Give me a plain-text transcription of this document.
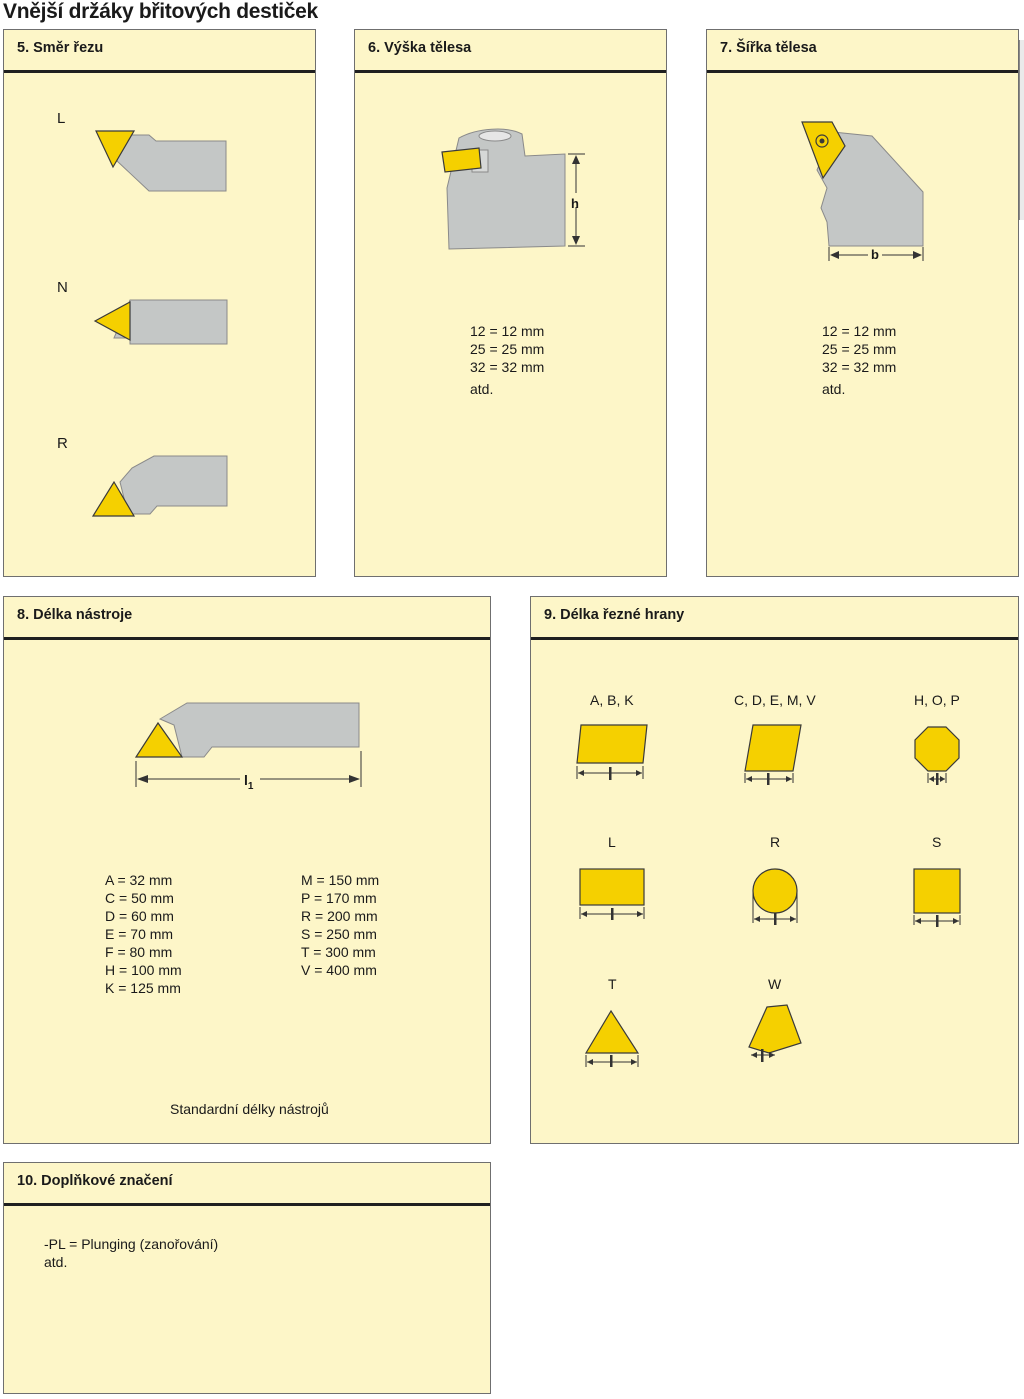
Vnější držáky břitových destiček
5. Směr řezu
L
N
R
6. Výška tělesa
h
12 = 12 mm
25 = 25 mm
32 = 32 mm
atd.
7. Šířka tělesa
b
12 = 12 mm
25 = 25 mm
32 = 32 mm
atd.
8. Délka nástroje
$l_1$
A = 32 mm
C = 50 mm
D = 60 mm
E = 70 mm
F = 80 mm
H = 100 mm
K = 125 mm
M = 150 mm
P = 170 mm
R = 200 mm
S = 250 mm
T = 300 mm
V = 400 mm
Standardní délky nástrojů
9. Délka řezné hrany
A, B, K	C, D, E, M, V	H, O, P
L	R	S
T	W
10. Doplňkové značení
-PL = Plunging (zanořování)
atd.
